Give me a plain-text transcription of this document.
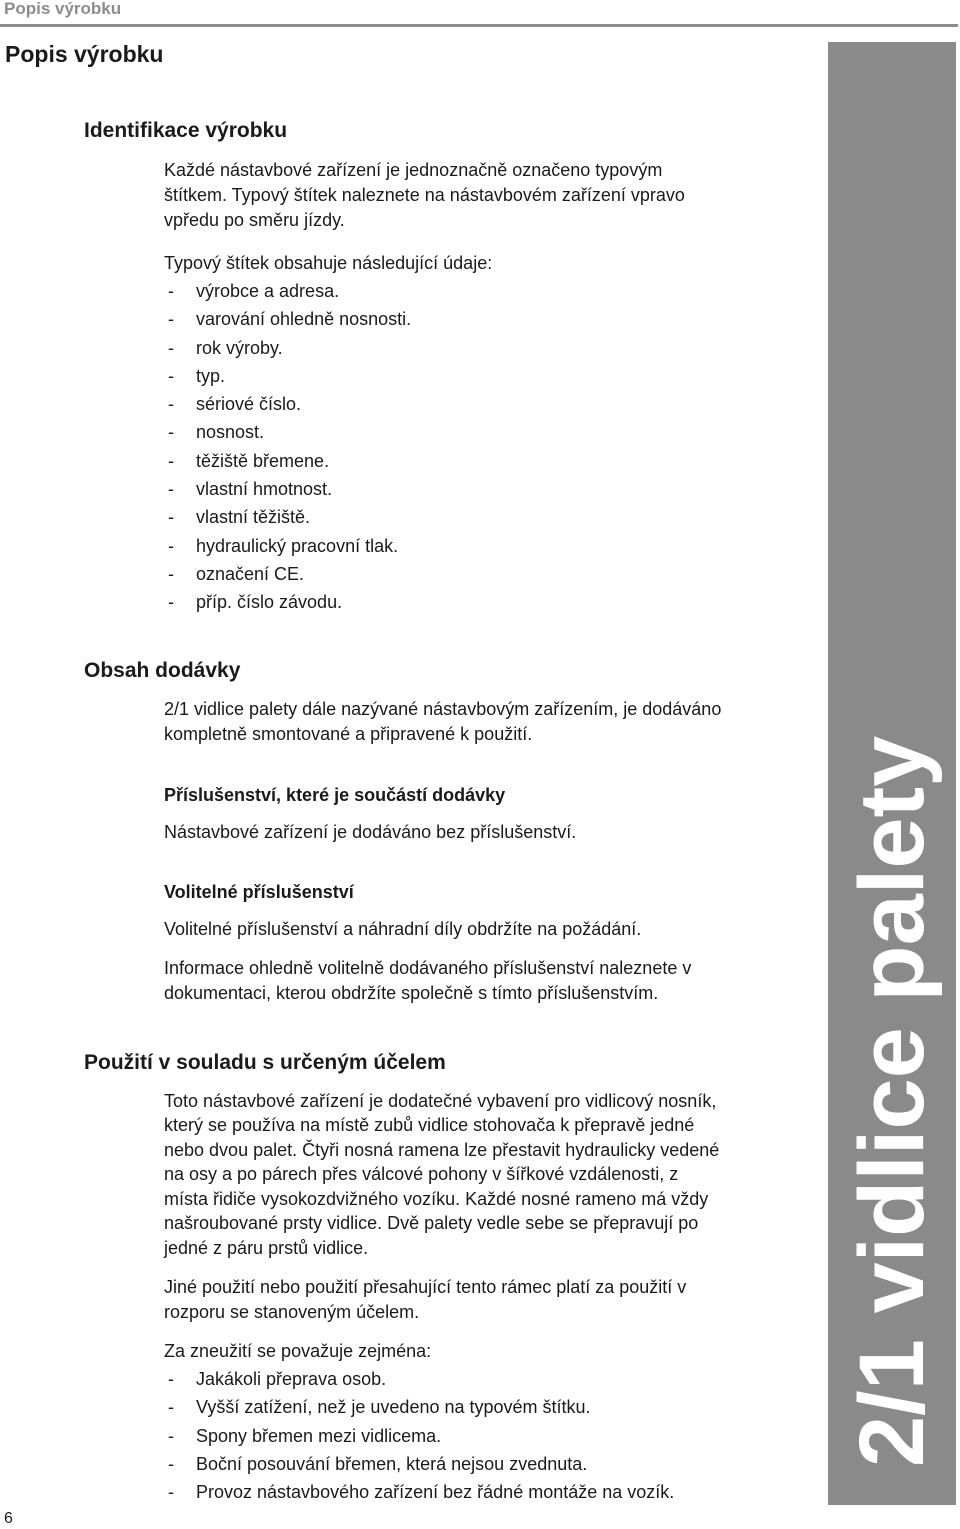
Popis výrobku
Popis výrobku
2/1 vidlice palety
6
Identifikace výrobku

Každé nástavbové zařízení je jednoznačně označeno typovým
štítkem. Typový štítek naleznete na nástavbovém zařízení vpravo
vpředu po směru jízdy.

Typový štítek obsahuje následující údaje:

- výrobce a adresa.
- varování ohledně nosnosti.
- rok výroby.
- typ.
- sériové číslo.
- nosnost.
- těžiště břemene.
- vlastní hmotnost.
- vlastní těžiště.
- hydraulický pracovní tlak.
- označení CE.
- příp. číslo závodu.
Obsah dodávky

2/1 vidlice palety dále nazývané nástavbovým zařízením, je dodáváno
kompletně smontované a připravené k použití.

Příslušenství, které je součástí dodávky

Nástavbové zařízení je dodáváno bez příslušenství.

Volitelné příslušenství

Volitelné příslušenství a náhradní díly obdržíte na požádání.

Informace ohledně volitelně dodávaného příslušenství naleznete v
dokumentaci, kterou obdržíte společně s tímto příslušenstvím.

Použití v souladu s určeným účelem

Toto nástavbové zařízení je dodatečné vybavení pro vidlicový nosník,
který se používa na místě zubů vidlice stohovača k přepravě jedné
nebo dvou palet. Čtyři nosná ramena lze přestavit hydraulicky vedené
na osy a po párech přes válcové pohony v šířkové vzdálenosti, z
místa řidiče vysokozdvižného vozíku. Každé nosné rameno má vždy
našroubované prsty vidlice. Dvě palety vedle sebe se přepravují po
jedné z páru prstů vidlice.

Jiné použití nebo použití přesahující tento rámec platí za použití v
rozporu se stanoveným účelem.

Za zneužití se považuje zejména:

- Jakákoli přeprava osob.
- Vyšší zatížení, než je uvedeno na typovém štítku.
- Spony břemen mezi vidlicema.
- Boční posouvání břemen, která nejsou zvednuta.
- Provoz nástavbového zařízení bez řádné montáže na vozík.
